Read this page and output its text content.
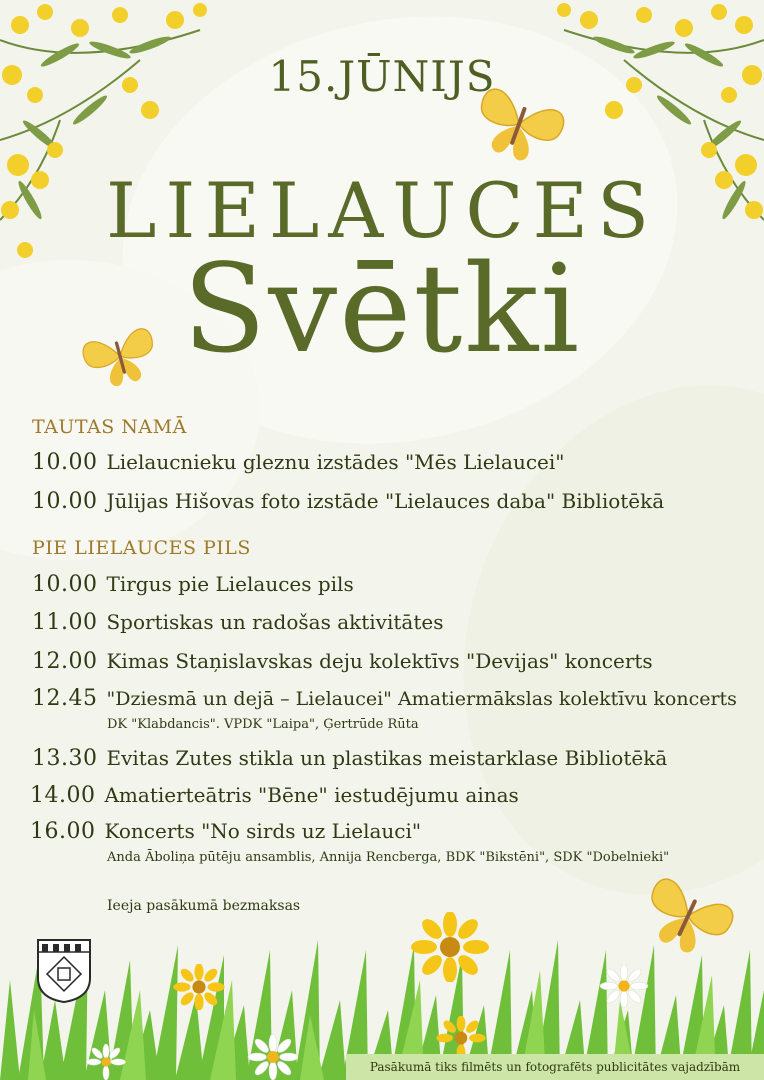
15.JŪNIJS
LIELAUCES
Svētki
TAUTAS NAMĀ
10.00 Lielaucnieku gleznu izstādes "Mēs Lielaucei"
10.00 Jūlijas Hišovas foto izstāde "Lielauces daba" Bibliotēkā
PIE LIELAUCES PILS
10.00 Tirgus pie Lielauces pils
11.00 Sportiskas un radošas aktivitātes
12.00 Kimas Staņislavskas deju kolektīvs "Devijas" koncerts
12.45 "Dziesmā un dejā – Lielaucei" Amatiermākslas kolektīvu koncerts
DK "Klabdancis". VPDK "Laipa", Ģertrūde Rūta
13.30 Evitas Zutes stikla un plastikas meistarklase Bibliotēkā
14.00 Amatierteātris "Bēne" iestudējumu ainas
16.00 Koncerts "No sirds uz Lielauci"
Anda Āboliņa pūtēju ansamblis, Annija Rencberga, BDK "Bikstēni", SDK "Dobelnieki"
Ieeja pasākumā bezmaksas
Pasākumā tiks filmēts un fotografēts publicitātes vajadzībām
